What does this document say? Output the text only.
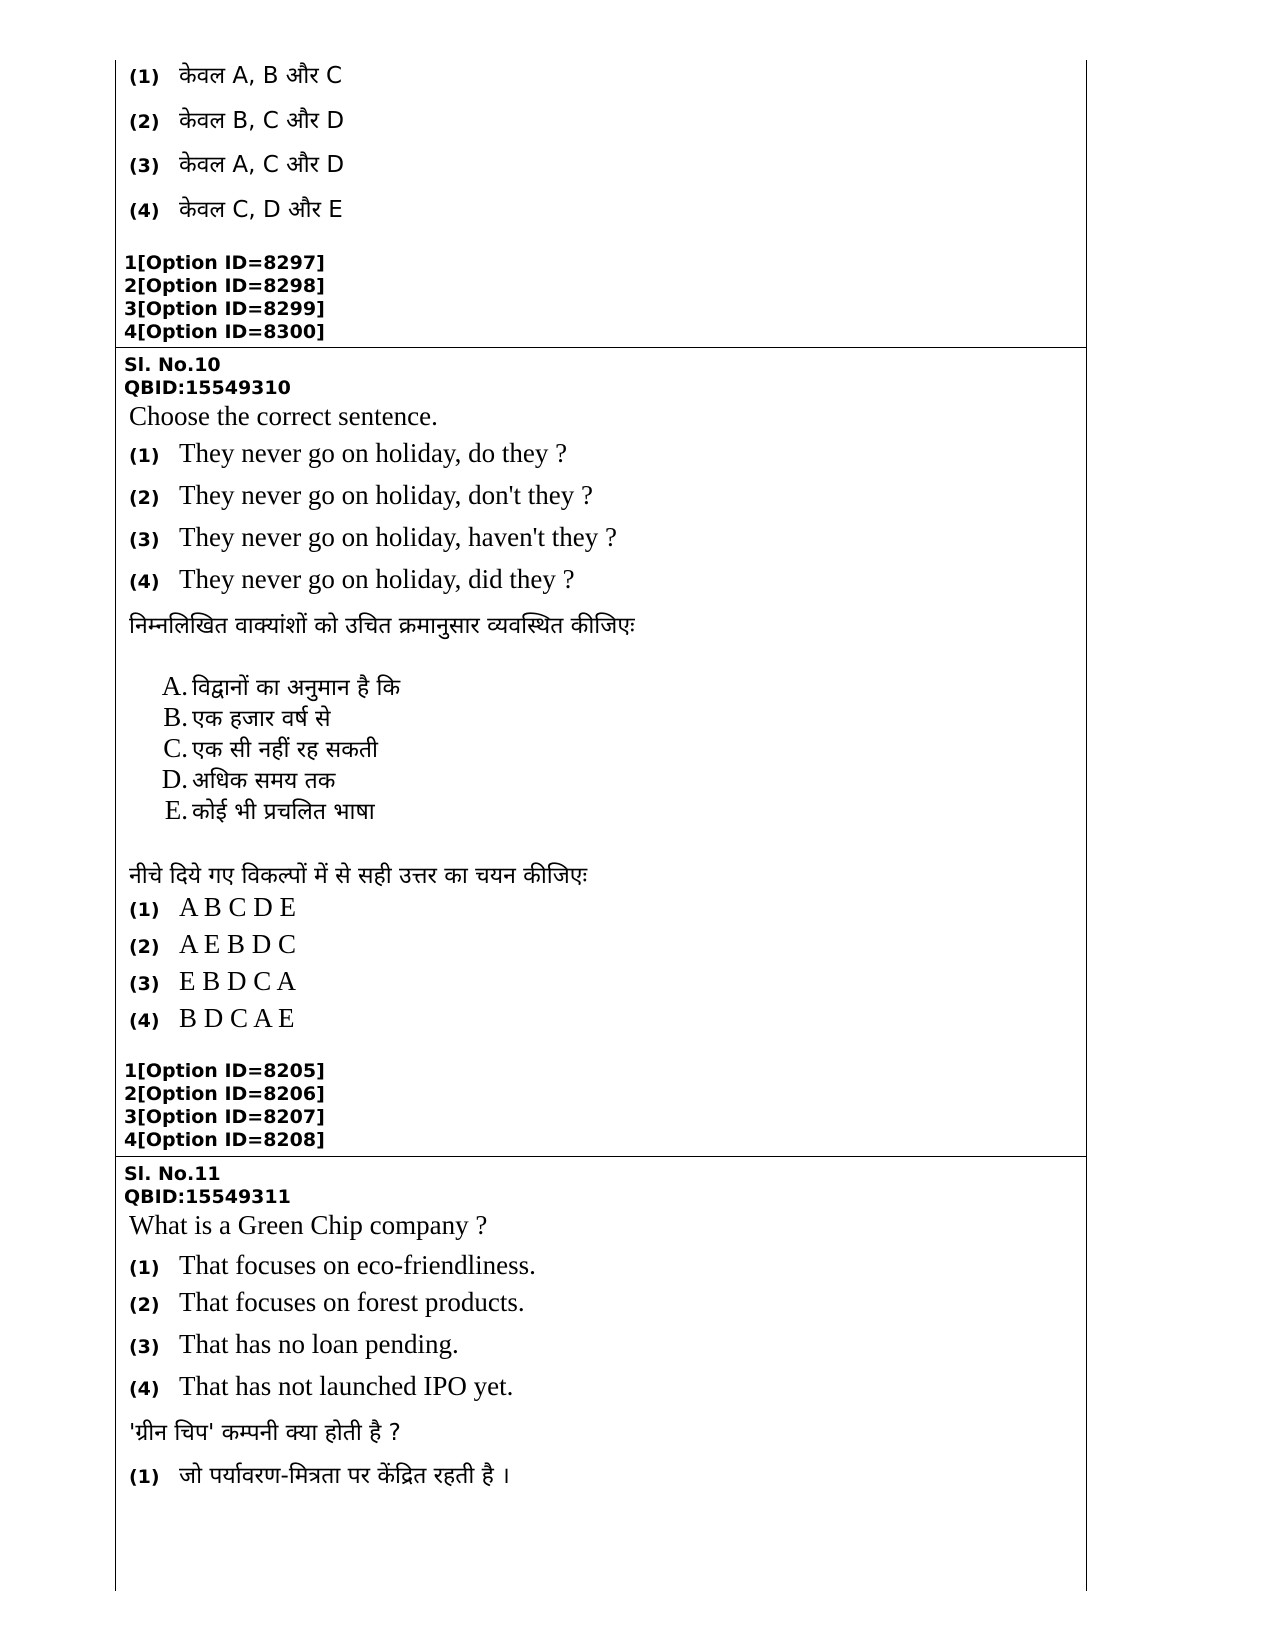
(1) केवल A, B और C
(2) केवल B, C और D
(3) केवल A, C और D
(4) केवल C, D और E
1[Option ID=8297]
2[Option ID=8298]
3[Option ID=8299]
4[Option ID=8300]
Sl. No.10
QBID:15549310
Choose the correct sentence.
(1) They never go on holiday, do they ?
(2) They never go on holiday, don't they ?
(3) They never go on holiday, haven't they ?
(4) They never go on holiday, did they ?
निम्नलिखित वाक्यांशों को उचित क्रमानुसार व्यवस्थित कीजिएः
A. विद्वानों का अनुमान है कि
B. एक हजार वर्ष से
C. एक सी नहीं रह सकती
D. अधिक समय तक
E. कोई भी प्रचलित भाषा
नीचे दिये गए विकल्पों में से सही उत्तर का चयन कीजिएः
(1) A B C D E
(2) A E B D C
(3) E B D C A
(4) B D C A E
1[Option ID=8205]
2[Option ID=8206]
3[Option ID=8207]
4[Option ID=8208]
Sl. No.11
QBID:15549311
What is a Green Chip company ?
(1) That focuses on eco-friendliness.
(2) That focuses on forest products.
(3) That has no loan pending.
(4) That has not launched IPO yet.
'ग्रीन चिप' कम्पनी क्या होती है ?
(1) जो पर्यावरण-मित्रता पर केंद्रित रहती है ।
